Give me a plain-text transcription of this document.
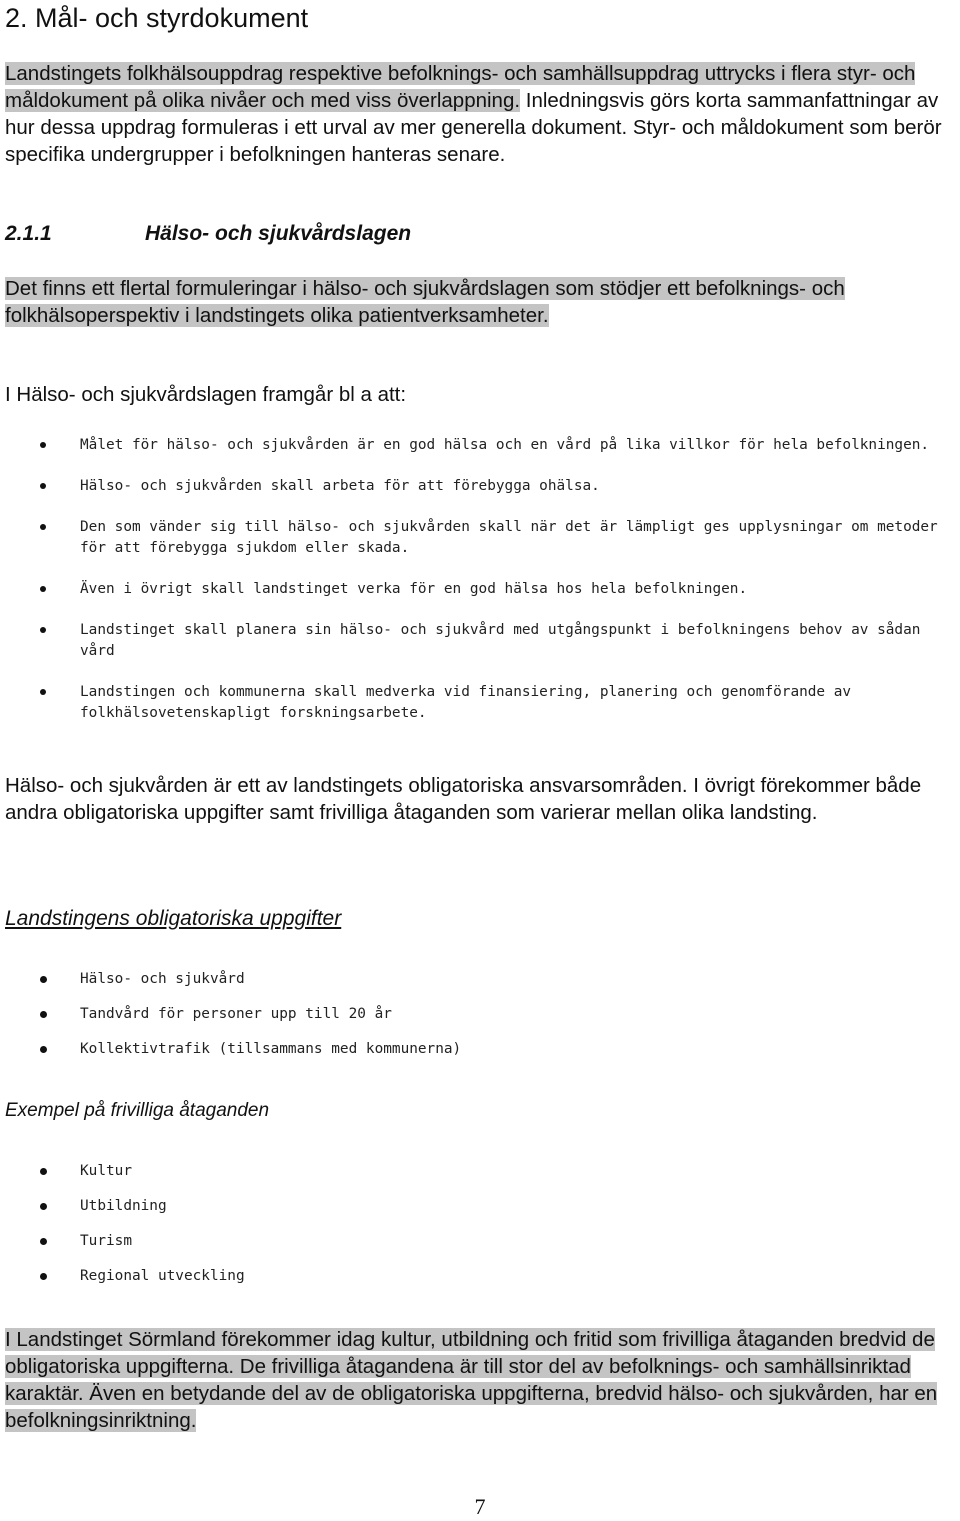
2. Mål- och styrdokument
Landstingets folkhälsouppdrag respektive befolknings- och samhällsuppdrag uttrycks i flera styr- och måldokument på olika nivåer och med viss överlappning. Inledningsvis görs korta sammanfattningar av hur dessa uppdrag formuleras i ett urval av mer generella dokument. Styr- och måldokument som berör specifika undergrupper i befolkningen hanteras senare.
2.1.1	Hälso- och sjukvårdslagen
Det finns ett flertal formuleringar i hälso- och sjukvårdslagen som stödjer ett befolknings- och folkhälsoperspektiv i landstingets olika patientverksamheter.
I Hälso- och sjukvårdslagen framgår bl a att:
Målet för hälso- och sjukvården är en god hälsa och en vård på lika villkor för hela befolkningen.
Hälso- och sjukvården skall arbeta för att förebygga ohälsa.
Den som vänder sig till hälso- och sjukvården skall när det är lämpligt ges upplysningar om metoder för att förebygga sjukdom eller skada.
Även i övrigt skall landstinget verka för en god hälsa hos hela befolkningen.
Landstinget skall planera sin hälso- och sjukvård med utgångspunkt i befolkningens behov av sådan vård
Landstingen och kommunerna skall medverka vid finansiering, planering och genomförande av folkhälsovetenskapligt forskningsarbete.
Hälso- och sjukvården är ett av landstingets obligatoriska ansvarsområden. I övrigt förekommer både andra obligatoriska uppgifter samt frivilliga åtaganden som varierar mellan olika landsting.
Landstingens obligatoriska uppgifter
Hälso- och sjukvård
Tandvård för personer upp till 20 år
Kollektivtrafik (tillsammans med kommunerna)
Exempel på frivilliga åtaganden
Kultur
Utbildning
Turism
Regional utveckling
I Landstinget Sörmland förekommer idag kultur, utbildning och fritid som frivilliga åtaganden bredvid de obligatoriska uppgifterna. De frivilliga åtagandena är till stor del av befolknings- och samhällsinriktad karaktär. Även en betydande del av de obligatoriska uppgifterna, bredvid hälso- och sjukvården, har en befolkningsinriktning.
7
